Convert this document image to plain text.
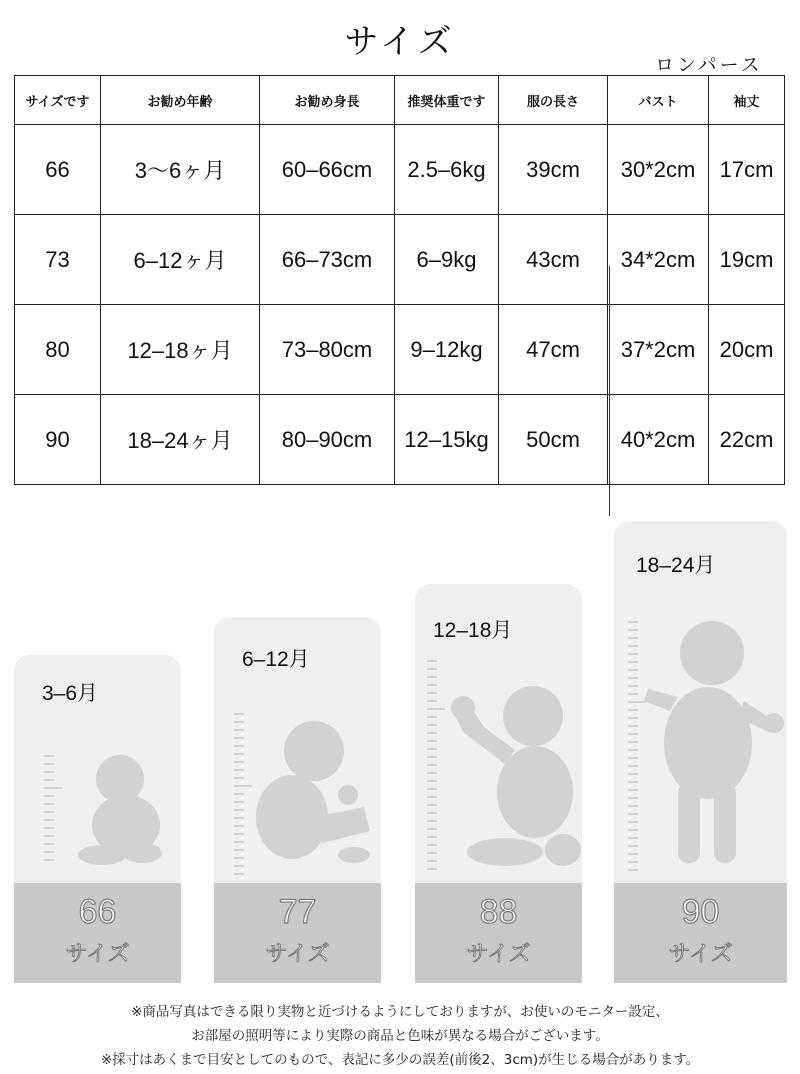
サイズ
ロンパース
サイズです	お勧め年齢	お勧め身長	推奨体重です	服の長さ	バスト	袖丈
66	3〜6ヶ月	60–66cm	2.5–6kg	39cm	30*2cm	17cm
73	6–12ヶ月	66–73cm	6–9kg	43cm	34*2cm	19cm
80	12–18ヶ月	73–80cm	9–12kg	47cm	37*2cm	20cm
90	18–24ヶ月	80–90cm	12–15kg	50cm	40*2cm	22cm
3–6月
66
サイズ
6–12月
77
サイズ
12–18月
88
サイズ
18–24月
90
サイズ
※商品写真はできる限り実物と近づけるようにしておりますが、お使いのモニター設定、
お部屋の照明等により実際の商品と色味が異なる場合がございます。
※採寸はあくまで目安としてのもので、表記に多少の誤差(前後2、3cm)が生じる場合があります。
